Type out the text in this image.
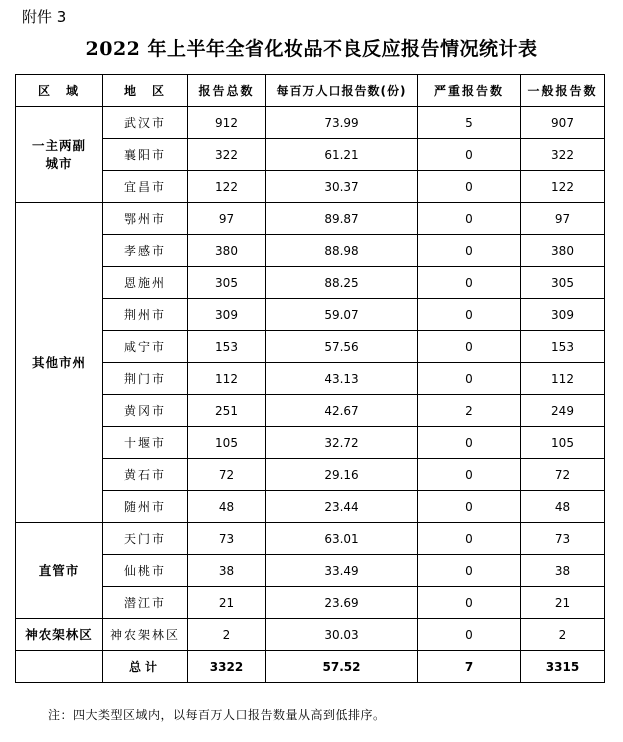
附件 3
2022 年上半年全省化妆品不良反应报告情况统计表
区　域	地　区	报告总数	每百万人口报告数(份)	严重报告数	一般报告数
一主两副城市	武汉市	912	73.99	5	907
	襄阳市	322	61.21	0	322
	宜昌市	122	30.37	0	122
其他市州	鄂州市	97	89.87	0	97
	孝感市	380	88.98	0	380
	恩施州	305	88.25	0	305
	荆州市	309	59.07	0	309
	咸宁市	153	57.56	0	153
	荆门市	112	43.13	0	112
	黄冈市	251	42.67	2	249
	十堰市	105	32.72	0	105
	黄石市	72	29.16	0	72
	随州市	48	23.44	0	48
直管市	天门市	73	63.01	0	73
	仙桃市	38	33.49	0	38
	潜江市	21	23.69	0	21
神农架林区	神农架林区	2	30.03	0	2
	总计	3322	57.52	7	3315
注：四大类型区域内，以每百万人口报告数量从高到低排序。
